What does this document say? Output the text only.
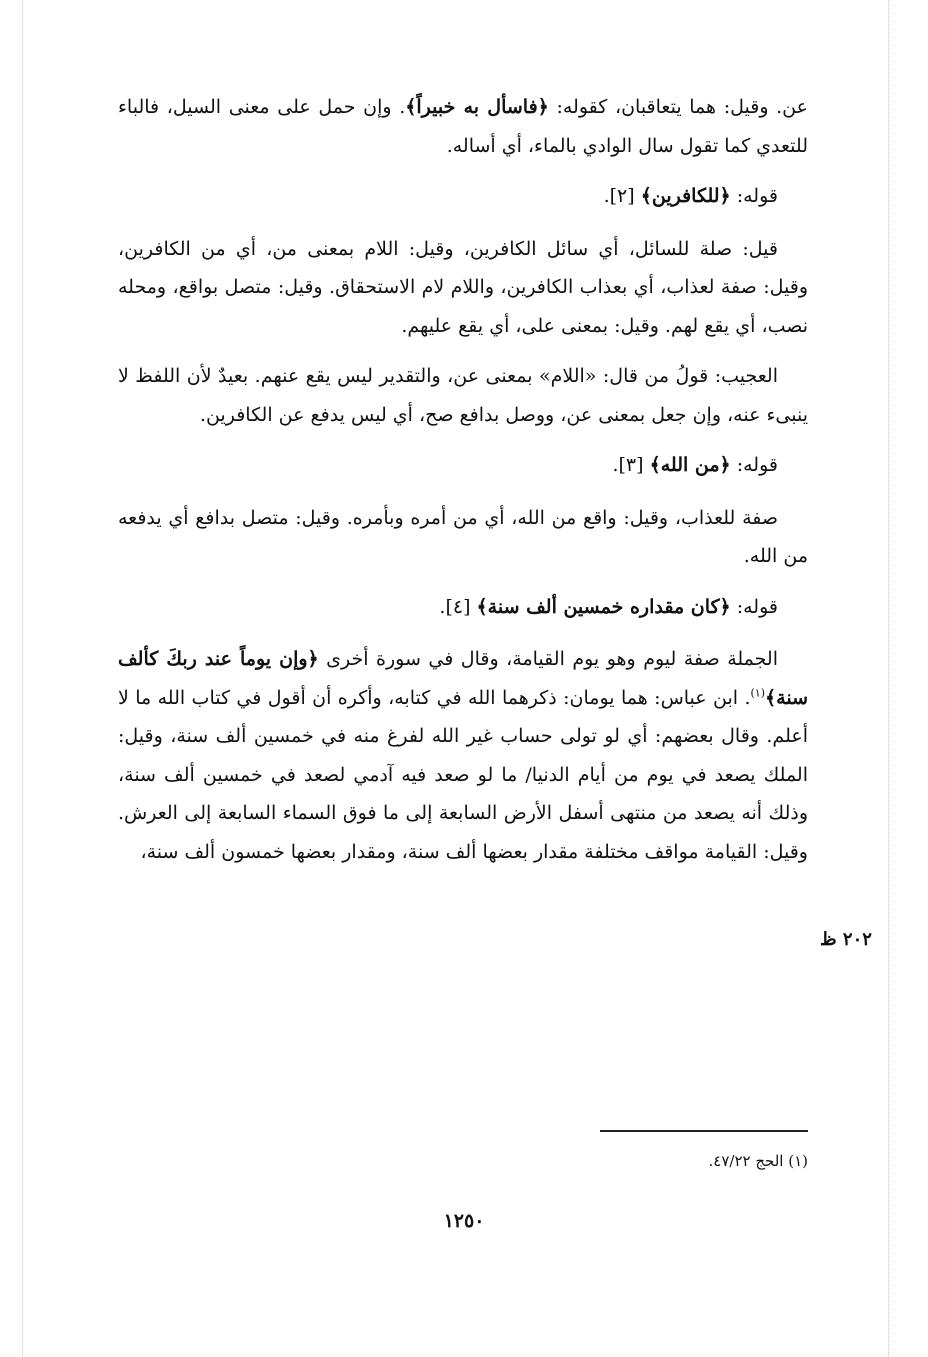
عن. وقيل: هما يتعاقبان، كقوله: ﴿فاسأل به خبيراً﴾. وإن حمل على معنى السيل، فالباء للتعدي كما تقول سال الوادي بالماء، أي أساله.

قوله: ﴿للكافرين﴾ [٢].

قيل: صلة للسائل، أي سائل الكافرين، وقيل: اللام بمعنى من، أي من الكافرين، وقيل: صفة لعذاب، أي بعذاب الكافرين، واللام لام الاستحقاق. وقيل: متصل بواقع، ومحله نصب، أي يقع لهم. وقيل: بمعنى على، أي يقع عليهم.

العجيب: قولُ من قال: «اللام» بمعنى عن، والتقدير ليس يقع عنهم. بعيدٌ لأن اللفظ لا ينبىء عنه، وإن جعل بمعنى عن، ووصل بدافع صح، أي ليس يدفع عن الكافرين.

قوله: ﴿من الله﴾ [٣].

صفة للعذاب، وقيل: واقع من الله، أي من أمره وبأمره. وقيل: متصل بدافع أي يدفعه من الله.

قوله: ﴿كان مقداره خمسين ألف سنة﴾ [٤].

الجملة صفة ليوم وهو يوم القيامة، وقال في سورة أخرى ﴿وإن يوماً عند ربكَ كألف سنة﴾$^{(١)}$. ابن عباس: هما يومان: ذكرهما الله في كتابه، وأكره أن أقول في كتاب الله ما لا أعلم. وقال بعضهم: أي لو تولى حساب غير الله لفرغ منه في خمسين ألف سنة، وقيل: الملك يصعد في يوم من أيام الدنيا/ ما لو صعد فيه آدمي لصعد في خمسين ألف سنة، وذلك أنه يصعد من منتهى أسفل الأرض السابعة إلى ما فوق السماء السابعة إلى العرش. وقيل: القيامة مواقف مختلفة مقدار بعضها ألف سنة، ومقدار بعضها خمسون ألف سنة،

٢٠٢ ظ
(١) الحج ٤٧/٢٢.
١٢٥٠
